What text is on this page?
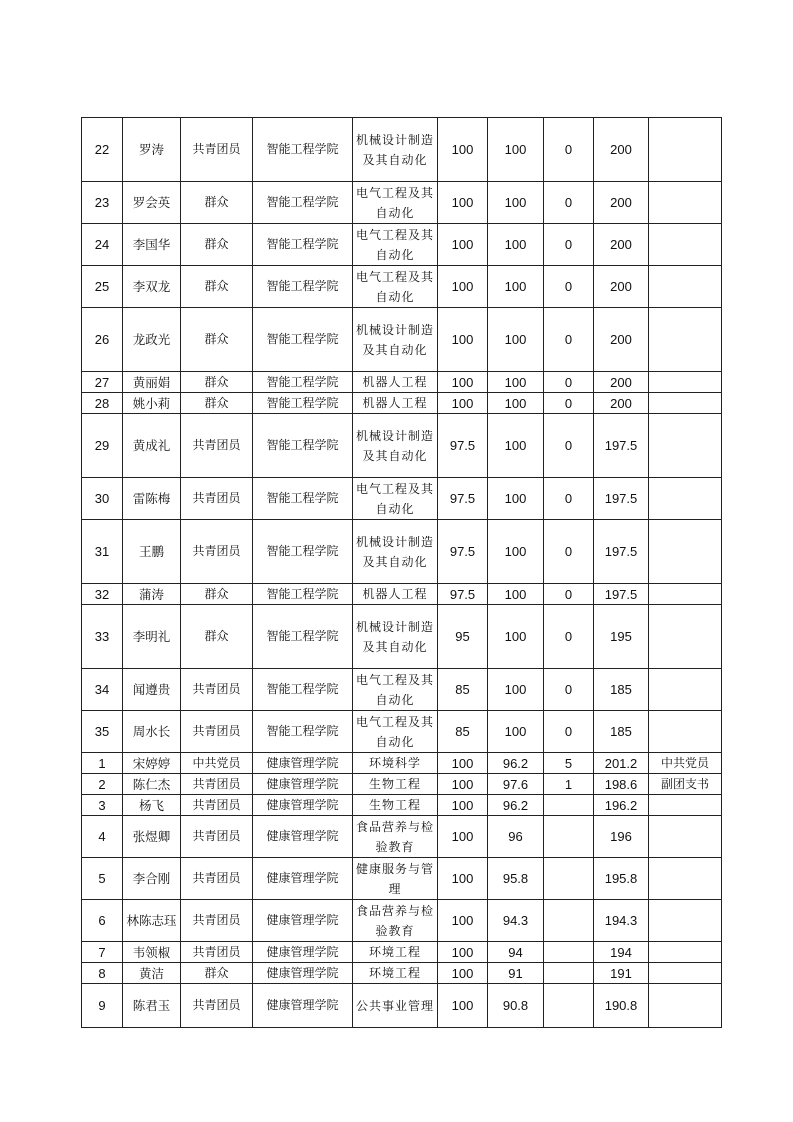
22	罗涛	共青团员	智能工程学院	机械设计制造及其自动化	100	100	0	200	
23	罗会英	群众	智能工程学院	电气工程及其自动化	100	100	0	200	
24	李国华	群众	智能工程学院	电气工程及其自动化	100	100	0	200	
25	李双龙	群众	智能工程学院	电气工程及其自动化	100	100	0	200	
26	龙政光	群众	智能工程学院	机械设计制造及其自动化	100	100	0	200	
27	黄丽娟	群众	智能工程学院	机器人工程	100	100	0	200	
28	姚小莉	群众	智能工程学院	机器人工程	100	100	0	200	
29	黄成礼	共青团员	智能工程学院	机械设计制造及其自动化	97.5	100	0	197.5	
30	雷陈梅	共青团员	智能工程学院	电气工程及其自动化	97.5	100	0	197.5	
31	王鹏	共青团员	智能工程学院	机械设计制造及其自动化	97.5	100	0	197.5	
32	蒲涛	群众	智能工程学院	机器人工程	97.5	100	0	197.5	
33	李明礼	群众	智能工程学院	机械设计制造及其自动化	95	100	0	195	
34	闻遵贵	共青团员	智能工程学院	电气工程及其自动化	85	100	0	185	
35	周水长	共青团员	智能工程学院	电气工程及其自动化	85	100	0	185	
1	宋婷婷	中共党员	健康管理学院	环境科学	100	96.2	5	201.2	中共党员
2	陈仁杰	共青团员	健康管理学院	生物工程	100	97.6	1	198.6	副团支书
3	杨飞	共青团员	健康管理学院	生物工程	100	96.2		196.2	
4	张煜卿	共青团员	健康管理学院	食品营养与检验教育	100	96		196	
5	李合刚	共青团员	健康管理学院	健康服务与管理	100	95.8		195.8	
6	林陈志珏	共青团员	健康管理学院	食品营养与检验教育	100	94.3		194.3	
7	韦领椒	共青团员	健康管理学院	环境工程	100	94		194	
8	黄洁	群众	健康管理学院	环境工程	100	91		191	
9	陈君玉	共青团员	健康管理学院	公共事业管理	100	90.8		190.8	
